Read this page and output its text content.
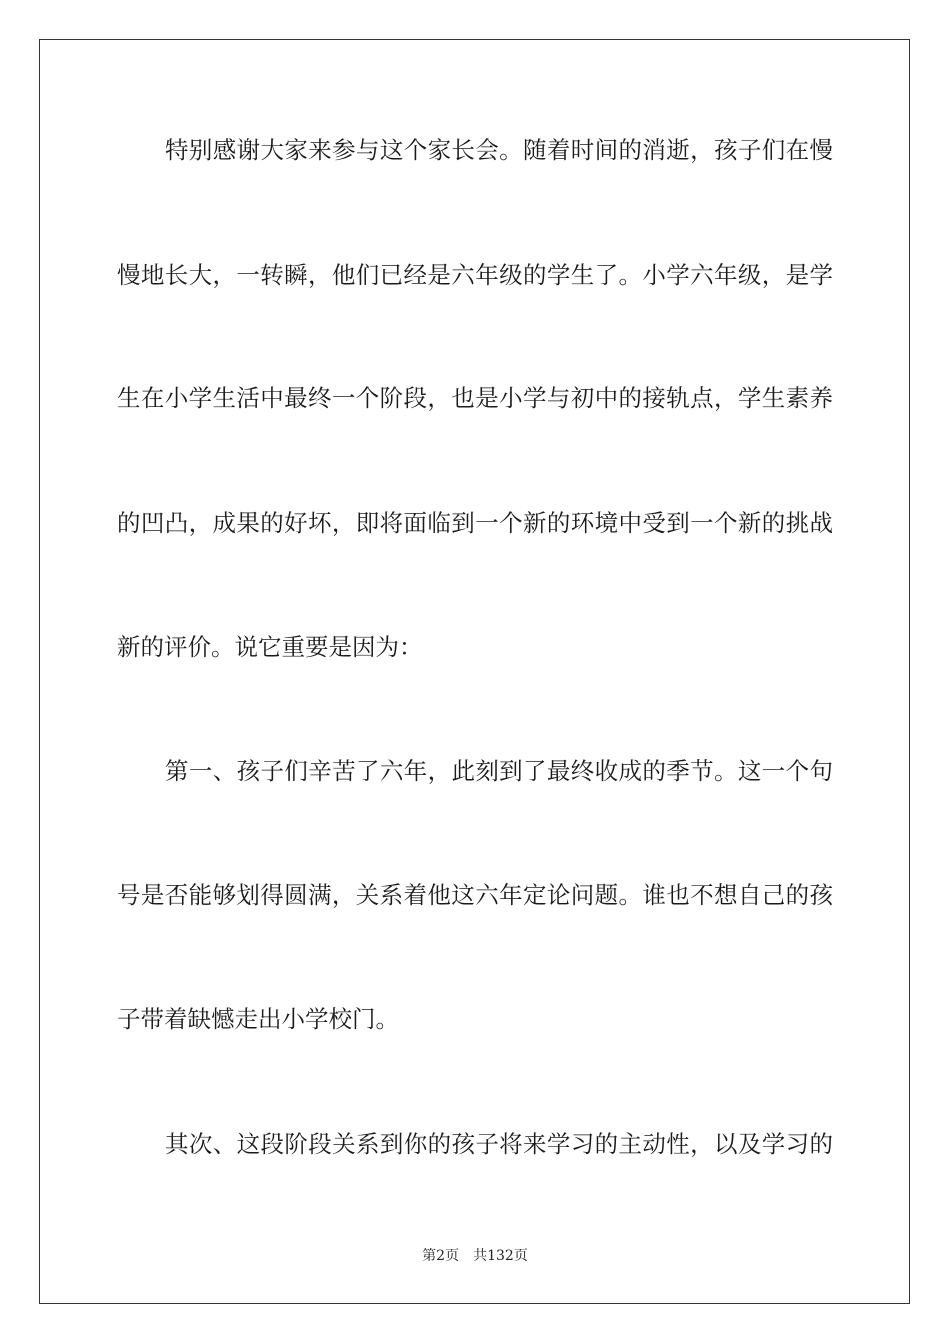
特别感谢大家来参与这个家长会。随着时间的消逝，孩子们在慢
慢地长大，一转瞬，他们已经是六年级的学生了。小学六年级，是学
生在小学生活中最终一个阶段，也是小学与初中的接轨点，学生素养
的凹凸，成果的好坏，即将面临到一个新的环境中受到一个新的挑战
新的评价。说它重要是因为：
第一、孩子们辛苦了六年，此刻到了最终收成的季节。这一个句
号是否能够划得圆满，关系着他这六年定论问题。谁也不想自己的孩
子带着缺憾走出小学校门。
其次、这段阶段关系到你的孩子将来学习的主动性，以及学习的
第2页 共132页
